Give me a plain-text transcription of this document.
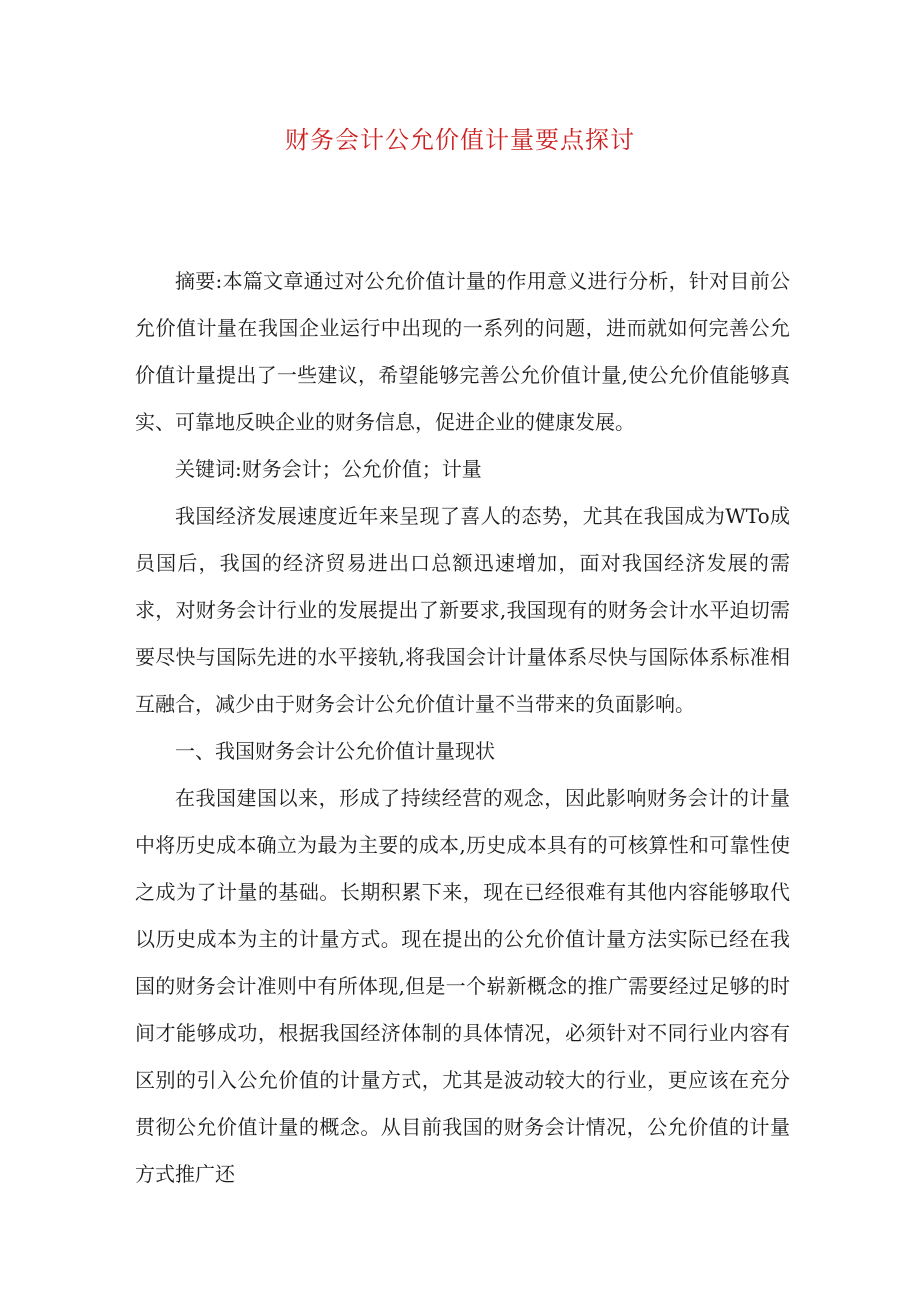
财务会计公允价值计量要点探讨

摘要:本篇文章通过对公允价值计量的作用意义进行分析，针对目前公允价值计量在我国企业运行中出现的一系列的问题，进而就如何完善公允价值计量提出了一些建议，希望能够完善公允价值计量,使公允价值能够真实、可靠地反映企业的财务信息，促进企业的健康发展。

关键词:财务会计；公允价值；计量

我国经济发展速度近年来呈现了喜人的态势，尤其在我国成为WTo成员国后，我国的经济贸易进出口总额迅速增加，面对我国经济发展的需求，对财务会计行业的发展提出了新要求,我国现有的财务会计水平迫切需要尽快与国际先进的水平接轨,将我国会计计量体系尽快与国际体系标准相互融合，减少由于财务会计公允价值计量不当带来的负面影响。

一、我国财务会计公允价值计量现状

在我国建国以来，形成了持续经营的观念，因此影响财务会计的计量中将历史成本确立为最为主要的成本,历史成本具有的可核算性和可靠性使之成为了计量的基础。长期积累下来，现在已经很难有其他内容能够取代以历史成本为主的计量方式。现在提出的公允价值计量方法实际已经在我国的财务会计准则中有所体现,但是一个崭新概念的推广需要经过足够的时间才能够成功，根据我国经济体制的具体情况，必须针对不同行业内容有区别的引入公允价值的计量方式，尤其是波动较大的行业，更应该在充分贯彻公允价值计量的概念。从目前我国的财务会计情况，公允价值的计量方式推广还
